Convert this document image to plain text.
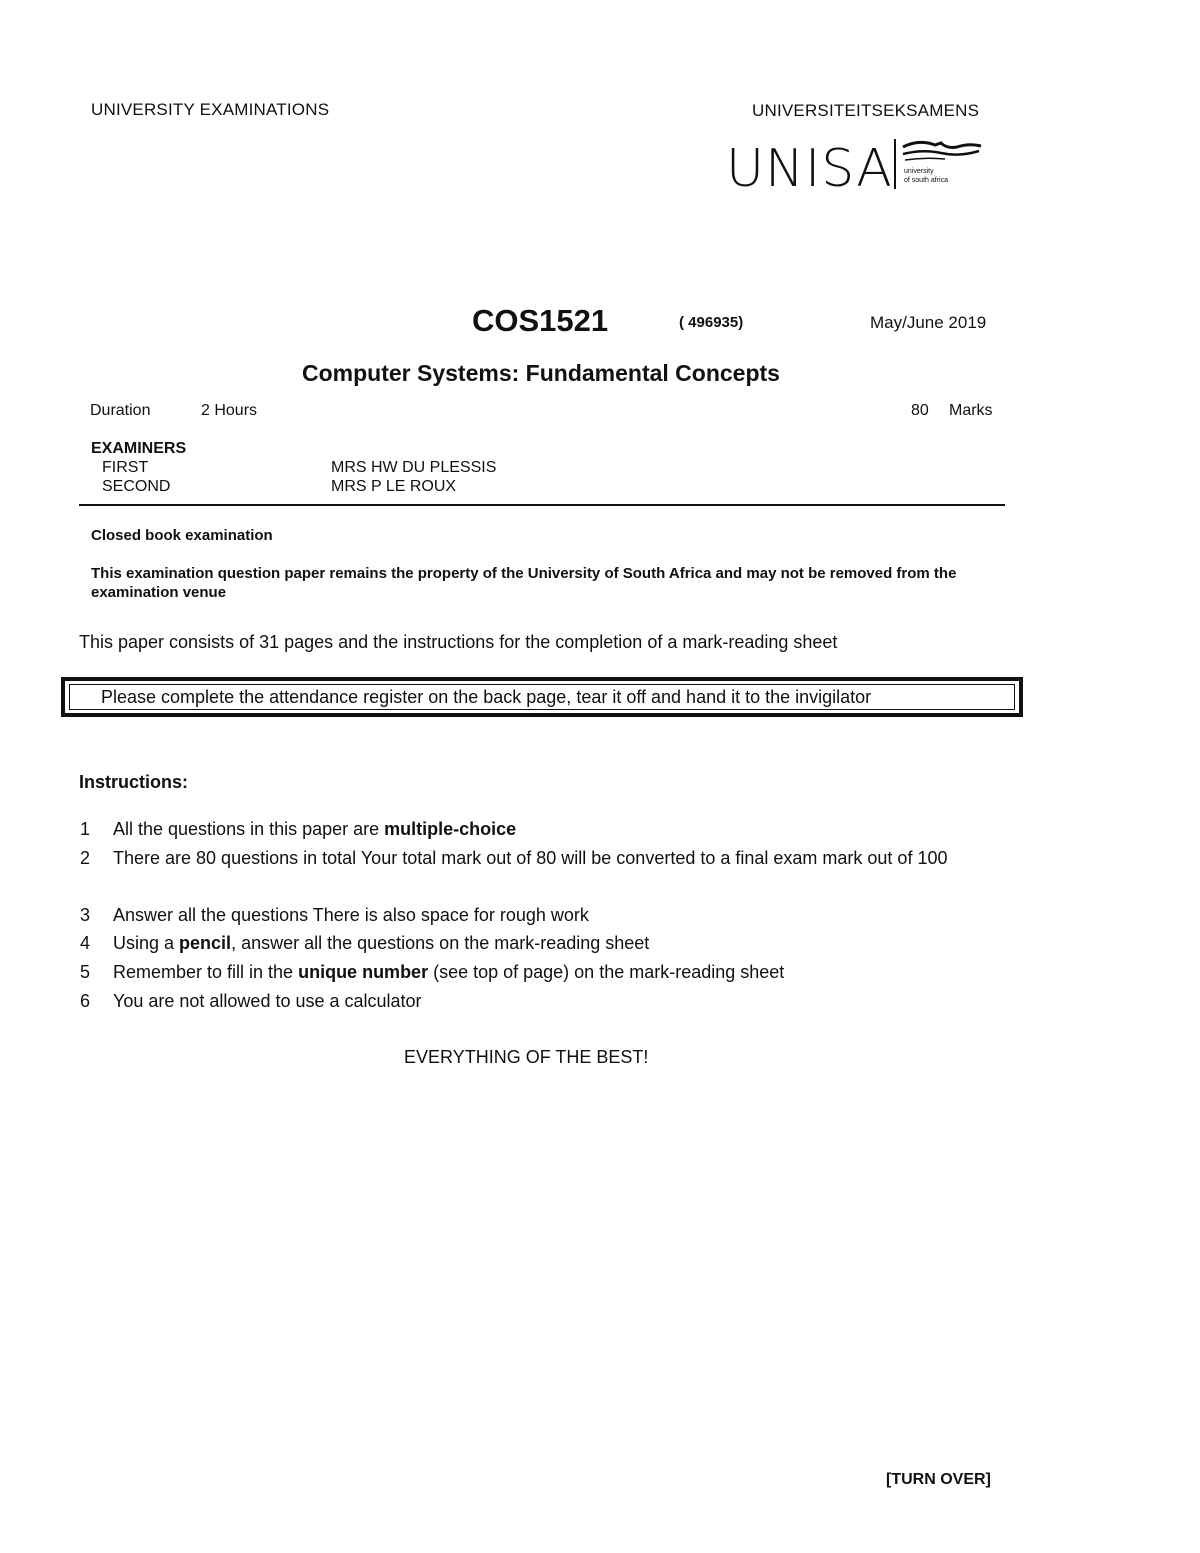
UNIVERSITY EXAMINATIONS	UNIVERSITEITSEKSAMENS
UNISA university
of south africa
COS1521	( 496935)	May/June 2019
Computer Systems: Fundamental Concepts
Duration	2 Hours	80 Marks
EXAMINERS
FIRST	MRS HW DU PLESSIS
SECOND	MRS P LE ROUX
Closed book examination
This examination question paper remains the property of the University of South Africa and may not be removed from the examination venue
This paper consists of 31 pages and the instructions for the completion of a mark-reading sheet
Please complete the attendance register on the back page, tear it off and hand it to the invigilator
Instructions:
1	All the questions in this paper are multiple-choice
2	There are 80 questions in total Your total mark out of 80 will be converted to a final exam mark out of 100
3	Answer all the questions There is also space for rough work
4	Using a pencil, answer all the questions on the mark-reading sheet
5	Remember to fill in the unique number (see top of page) on the mark-reading sheet
6	You are not allowed to use a calculator
EVERYTHING OF THE BEST!
[TURN OVER]
